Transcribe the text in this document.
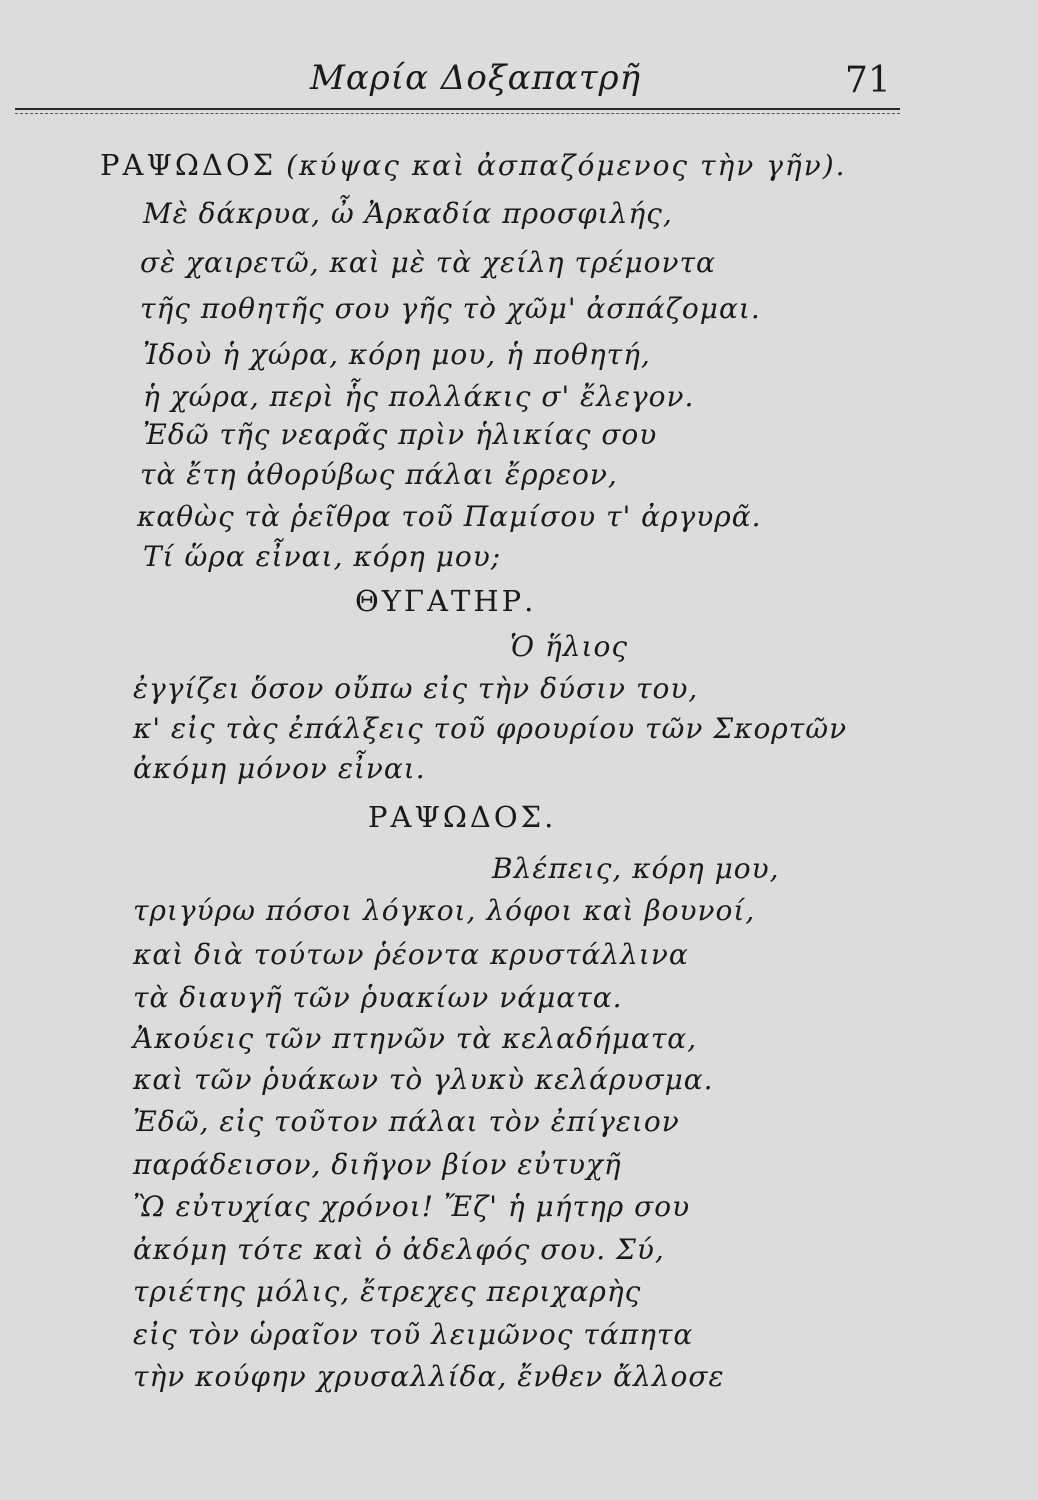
Μαρία Δοξαπατρῆ	71
ΡΑΨΩΔΟΣ (κύψας καὶ ἀσπαζόμενος τὴν γῆν).
Μὲ δάκρυα, ὦ Ἀρκαδία προσφιλής,
σὲ χαιρετῶ, καὶ μὲ τὰ χείλη τρέμοντα
τῆς ποθητῆς σου γῆς τὸ χῶμ' ἀσπάζομαι.
Ἰδοὺ ἡ χώρα, κόρη μου, ἡ ποθητή,
ἡ χώρα, περὶ ἧς πολλάκις σ' ἔλεγον.
Ἐδῶ τῆς νεαρᾶς πρὶν ἡλικίας σου
τὰ ἔτη ἀθορύβως πάλαι ἔρρεον,
καθὼς τὰ ῥεῖθρα τοῦ Παμίσου τ' ἀργυρᾶ.
Τί ὥρα εἶναι, κόρη μου;
ΘΥΓΑΤΗΡ.
Ὁ ἥλιος
ἐγγίζει ὅσον οὔπω εἰς τὴν δύσιν του,
κ' εἰς τὰς ἐπάλξεις τοῦ φρουρίου τῶν Σκορτῶν
ἀκόμη μόνον εἶναι.
ΡΑΨΩΔΟΣ.
Βλέπεις, κόρη μου,
τριγύρω πόσοι λόγκοι, λόφοι καὶ βουνοί,
καὶ διὰ τούτων ῥέοντα κρυστάλλινα
τὰ διαυγῆ τῶν ῥυακίων νάματα.
Ἀκούεις τῶν πτηνῶν τὰ κελαδήματα,
καὶ τῶν ῥυάκων τὸ γλυκὺ κελάρυσμα.
Ἐδῶ, εἰς τοῦτον πάλαι τὸν ἐπίγειον
παράδεισον, διῆγον βίον εὐτυχῆ
Ὢ εὐτυχίας χρόνοι! Ἔζ' ἡ μήτηρ σου
ἀκόμη τότε καὶ ὁ ἀδελφός σου. Σύ,
τριέτης μόλις, ἔτρεχες περιχαρὴς
εἰς τὸν ὡραῖον τοῦ λειμῶνος τάπητα
τὴν κούφην χρυσαλλίδα, ἔνθεν ἄλλοσε
